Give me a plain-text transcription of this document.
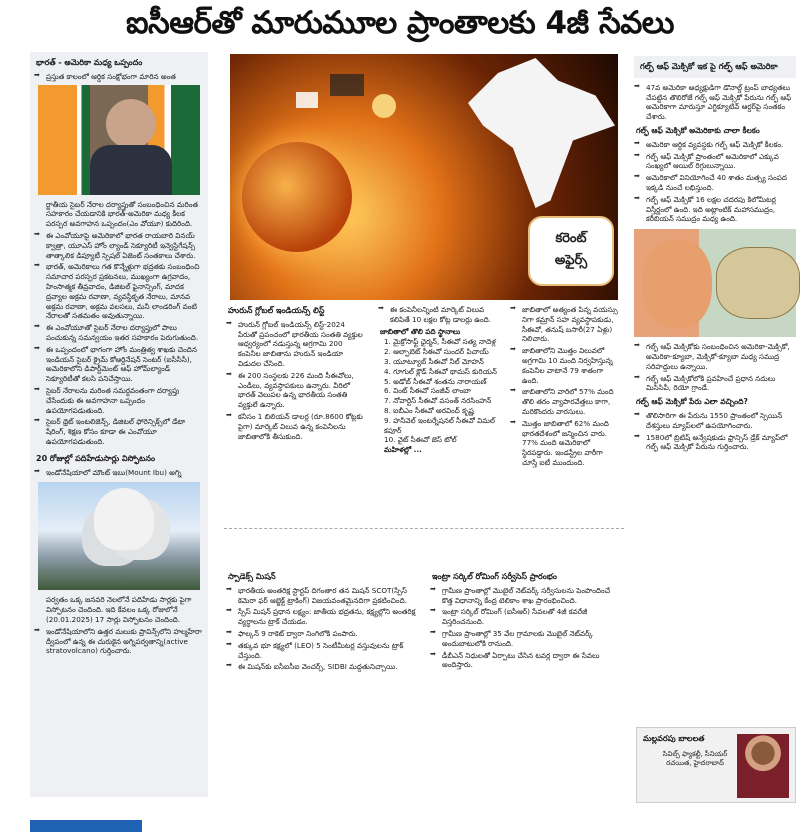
ఐసీఆర్‌తో మారుమూల ప్రాంతాలకు 4జీ సేవలు
భారత్ - అమెరికా మధ్య ఒప్పందం
➡ ప్రస్తుత కాలంలో ఆర్థిక సంక్షోభంగా మారిన అంత
ర్జాతీయ సైబర్ నేరాల దర్యాప్తుతో సంబంధించిన మరింత సహకారం చేయడానికి భారత్-అమెరికా మధ్య కీలక పరస్పర అవగాహన ఒప్పందం(ఎం వోయూ) కుదిరింది.
➡ ఈ ఎంవోయూపై అమెరికాలో భారత రాయబారి వినయ్ క్వాత్రా, యూఎస్ హోం ల్యాండ్ సెక్యూరిటీ ఇన్వెస్టిగేషన్స్ తాత్కాలిక డిప్యూటీ స్పెషల్ ఏజెంట్ సంతకాలు చేశారు.
➡ భారత్, అమెరికాలు గత కొన్నేళ్లుగా భద్రతకు సంబంధించి సమాచార పరస్పర ప్రకటనలు, ముఖ్యంగా ఉగ్రవాదం, హింసాత్మక తీవ్రవాదం, డిజిటల్ ఫైనాన్సింగ్, మాదక ద్రవ్యాల అక్రమ రవాణా, వ్యవస్థీకృత నేరాలు, మానవ అక్రమ రవాణా, అక్రమ వలసలు, మనీ లాండరింగ్ వంటి నేరాలతో సతమతం అవుతున్నాయి.
➡ ఈ ఎంవోయూతో సైబర్ నేరాల దర్యాప్తులో పాలు పంచుకున్న సమన్వయం ఇతర సహకారం పెరుగుతుంది.
➡ ఈ ఒప్పందంలో భాగంగా హోం మంత్రిత్వ శాఖకు చెందిన ఇండియన్ సైబర్ క్రైమ్ కోఆర్డినేషన్ సెంటర్ (ఐసీసీసీ), అమెరికాలోని డిపార్ట్‌మెంట్ ఆఫ్ హోమ్‌ల్యాండ్ సెక్యూరిటీతో కలసి పనిచేస్తాయి.
➡ సైబర్ నేరాలను మరింత సమర్థవంతంగా దర్యాప్తు చేసేందుకు ఈ అవగాహనా ఒప్పందం ఉపయోగపడుతుంది.
➡ సైబర్ థ్రెట్ ఇంటలిజెన్స్, డిజిటల్ ఫోరెన్సిక్స్‌లో డేటా షేరింగ్, శిక్షణ కోసం కూడా ఈ ఎంవోయూ ఉపయోగపడుతుంది.
20 రోజుల్లో పదిహేడుసార్లు విస్ఫోటనం
➡ ఇండోనేషియాలో మౌంట్ ఇబు(Mount Ibu) అగ్ని
పర్వతం ఒక్క జనవరి నెలలోనే పదిహేడు సార్లకు పైగా విస్ఫోటనం చెందింది. ఇది కేవలం ఒక్క రోజులోనే (20.01.2025) 17 సార్లు విస్ఫోటనం చెందింది.
➡ ఇండోనేషియాలోని ఉత్తర మలుకు ప్రావిన్స్‌లోని హల్మహేరా ద్వీపంలో ఉన్న ఈ చురుకైన అగ్నిపర్వతాన్ని(active stratovolcano) గుర్తించారు.
కరెంట్
అఫైర్స్
హురున్ గ్లోబల్ ఇండియన్స్ లిస్ట్
➡ హురున్ గ్లోబల్ ఇండియన్స్ లిస్ట్-2024 పేరుతో ప్రపంచంలో భారతీయ సంతతి వ్యక్తుల ఆధ్వర్యంలో నడుస్తున్న అగ్రగామి 200 కంపెనీల జాబితాను హురున్ ఇండియా విడుదల చేసింది.
➡ ఈ 200 సంస్థలకు 226 మంది సీఈవోలు, ఎండీలు, వ్యవస్థాపకులు ఉన్నారు. వీరిలో భారత్ వెలుపల ఉన్న భారతీయ సంతతి వ్యక్తులే ఉన్నారు.
➡ కనీసం 1 బిలియన్ డాలర్ల (రూ.8600 కోట్లకు పైగా) మార్కెట్ విలువ ఉన్న కంపెనీలను జాబితాలోకి తీసుకుంది.
➡ ఈ కంపెనీలన్నింటి మార్కెట్ విలువ కలిపితే 10 లక్షల కోట్ల డాలర్లు ఉంది.
జాబితాలో తొలి పది స్థానాలు
1. మైక్రోసాఫ్ట్ ఛైర్మన్, సీఈవో సత్య నాదెళ్ల
2. ఆల్ఫాబెట్ సీఈవో సుందర్ పిచాయ్
3. యూట్యూబ్ సీఈవో నీల్ మోహన్
4. గూగుల్ క్లౌడ్ సీఈవో థామస్ కురియన్
5. అడోబ్ సీఈవో శంతను నారాయణ్
6. వింట్ సీఈవో సంజీవ్ లాంబా
7. నోవార్టిస్ సీఈవో వసంత్ నరసింహన్
8. ఐబీఎం సీఈవో అరవింద్ కృష్ణ
9. హనీవెల్ ఇంటర్నేషనల్ సీఈవో విమల్ కపూర్
10. వైట్ సీఈవో జెస్ టోల్
మహిళల్లో ...
➡ జాబితాలో అత్యంత పిన్న వయస్సు నిగా కమ్రాన్ సహ వ్యవస్థాపకుడు, సీఈవో, తనుష్ బసారీ(27 ఏళ్లు) నిలిచారు.
➡ జాబితాలోని మొత్తం విలువలో అగ్రగామి 10 మంది నిర్వహిస్తున్న కంపెనీల వాటానే 79 శాతంగా ఉంది.
➡ జాబితాలోని వారిలో 57% మంది తొలి తరం వ్యాపారవేత్తలు కాగా, మరికొందరు వారసులు.
➡ మొత్తం జాబితాలో 62% మంది భారతదేశంలో జన్మించిన వారు. 77% మంది అమెరికాలో స్థిరపడ్డారు. ఇండస్ట్రీల వారీగా చూస్తే ఐటీ ముందుంది.
స్పాడెక్స్ మిషన్
➡ భారతీయ అంతరిక్ష స్టార్టప్ దిగంతార తన మిషన్ SCOT(స్పేస్ కెమెరా ఫర్ ఆబ్జెక్ట్ ట్రాకింగ్) విజయవంతమైనదిగా ప్రకటించింది.
➡ స్పేస్ మిషన్ ప్రధాన లక్ష్యం: జాతీయ భద్రతను, కక్ష్యల్లోని అంతరిక్ష వ్యర్థాలను ట్రాక్ చేయడం.
➡ ఫాల్కన్ 9 రాకెట్ ద్వారా నింగిలోకి పంపారు.
➡ తక్కువ భూ కక్ష్యలో (LEO) 5 సెంటీమీటర్ల వస్తువులను ట్రాక్ చేస్తుంది.
➡ ఈ మిషన్‌కు ఐసీఐసీఐ వెంచర్స్, SIDBI మద్దతునిచ్చాయి.
ఇంట్రా సర్కిల్ రోమింగ్ సర్వీసెస్ ప్రారంభం
➡ గ్రామీణ ప్రాంతాల్లో మొబైల్ నెట్‌వర్క్ సర్వీసులను పెంపొందించే కొత్త విధానాన్ని కేంద్ర టెలికాం శాఖ ప్రారంభించింది.
➡ ఇంట్రా సర్కిల్ రోమింగ్ (ఐసీఆర్) సేవలతో 4జీ కవరేజీ విస్తరించనుంది.
➡ గ్రామీణ ప్రాంతాల్లో 35 వేల గ్రామాలకు మొబైల్ నెట్‌వర్క్ అందుబాటులోకి రానుంది.
➡ డీబీఎన్ నిధులతో ఏర్పాటు చేసిన టవర్ల ద్వారా ఈ సేవలు అందిస్తారు.
గల్ఫ్ ఆఫ్ మెక్సికో ఇక పై గల్ఫ్ ఆఫ్ అమెరికా
➡ 47వ అమెరికా అధ్యక్షుడిగా డొనాల్డ్ ట్రంప్ బాధ్యతలు చేపట్టిన తొలిరోజే గల్ఫ్ ఆఫ్ మెక్సికో పేరును గల్ఫ్ ఆఫ్ అమెరికాగా మారుస్తూ ఎగ్జిక్యూటివ్ ఆర్డర్‌పై సంతకం చేశారు.
గల్ఫ్ ఆఫ్ మెక్సికో అమెరికాకు చాలా కీలకం
➡ అమెరికా ఆర్థిక వ్యవస్థకు గల్ఫ్ ఆఫ్ మెక్సికో కీలకం.
➡ గల్ఫ్ ఆఫ్ మెక్సికో ప్రాంతంలో అమెరికాలో ఎక్కువ సంఖ్యలో ఆయిల్ రిగ్గులున్నాయి.
➡ అమెరికాలో వినియోగించే 40 శాతం మత్స్య సంపద ఇక్కడి నుంచే లభిస్తుంది.
➡ గల్ఫ్ ఆఫ్ మెక్సికో 16 లక్షల చదరపు కిలోమీటర్ల విస్తీర్ణంలో ఉంది. ఇది అట్లాంటిక్ మహాసముద్రం, కరీబియన్ సముద్రం మధ్య ఉంది.
➡ గల్ఫ్ ఆఫ్ మెక్సికోకు సంబంధించిన అమెరికా-మెక్సికో, అమెరికా-క్యూబా, మెక్సికో-క్యూబా మధ్య సముద్ర సరిహద్దులు ఉన్నాయి.
➡ గల్ఫ్ ఆఫ్ మెక్సికోలోకి ప్రవహించే ప్రధాన నదులు మిసిసిపీ, రియో గ్రాండే.
గల్ఫ్ ఆఫ్ మెక్సికో పేరు ఎలా వచ్చింది?
➡ తొలిసారిగా ఈ పేరును 1550 ప్రాంతంలో స్పెయిన్ దేశస్తులు మ్యాప్‌లలో ఉపయోగించారు.
➡ 1580లో బ్రిటిష్ అన్వేషకుడు ఫ్రాన్సిస్ డ్రేక్ మ్యాప్‌లో గల్ఫ్ ఆఫ్ మెక్సికో పేరును గుర్తించారు.
మల్లవరపు బాలలత
సివిల్స్ ఫ్యాకల్టీ, సీనియర్ రచయిత, హైదరాబాద్
